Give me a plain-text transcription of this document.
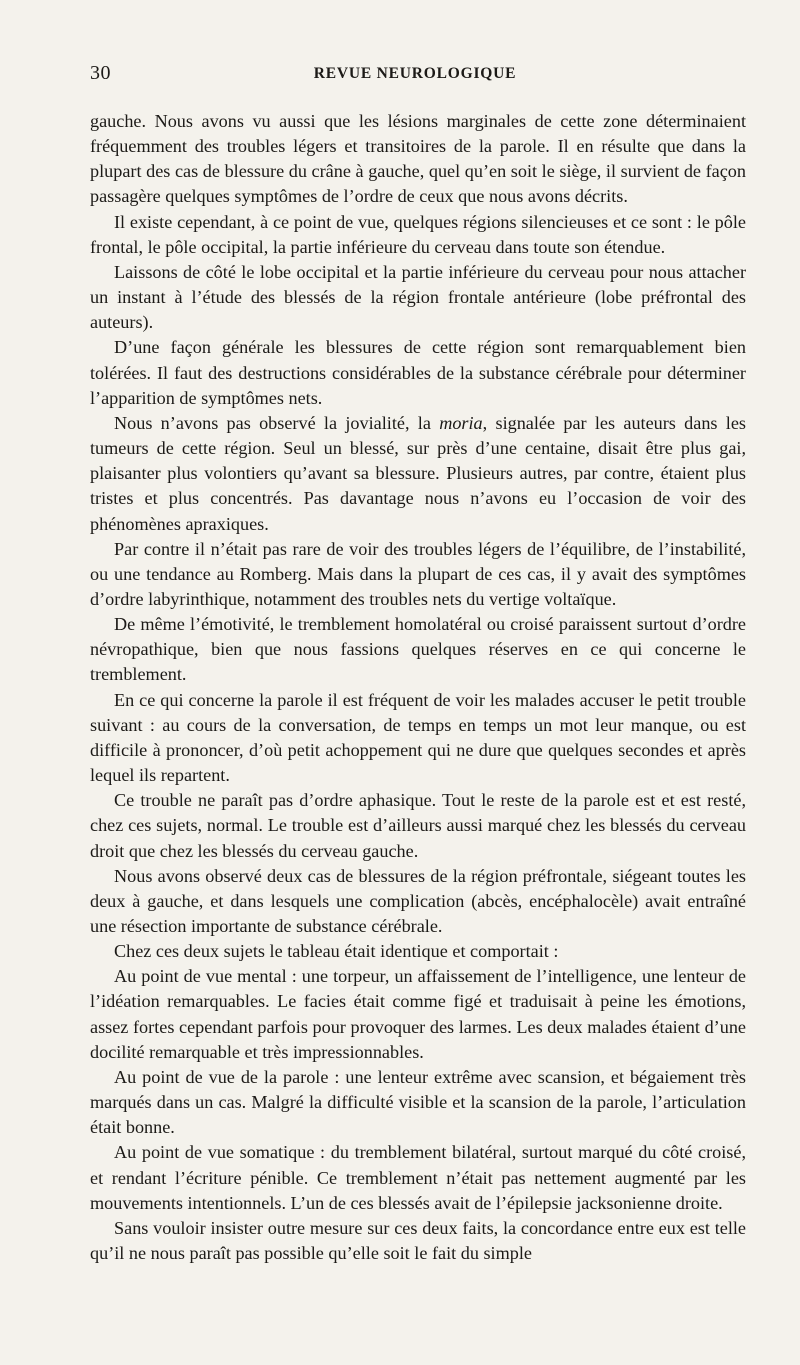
30	REVUE NEUROLOGIQUE

gauche. Nous avons vu aussi que les lésions marginales de cette zone déterminaient fréquemment des troubles légers et transitoires de la parole. Il en résulte que dans la plupart des cas de blessure du crâne à gauche, quel qu’en soit le siège, il survient de façon passagère quelques symptômes de l’ordre de ceux que nous avons décrits.

Il existe cependant, à ce point de vue, quelques régions silencieuses et ce sont : le pôle frontal, le pôle occipital, la partie inférieure du cerveau dans toute son étendue.

Laissons de côté le lobe occipital et la partie inférieure du cerveau pour nous attacher un instant à l’étude des blessés de la région frontale antérieure (lobe préfrontal des auteurs).

D’une façon générale les blessures de cette région sont remarquablement bien tolérées. Il faut des destructions considérables de la substance cérébrale pour déterminer l’apparition de symptômes nets.

Nous n’avons pas observé la jovialité, la moria, signalée par les auteurs dans les tumeurs de cette région. Seul un blessé, sur près d’une centaine, disait être plus gai, plaisanter plus volontiers qu’avant sa blessure. Plusieurs autres, par contre, étaient plus tristes et plus concentrés. Pas davantage nous n’avons eu l’occasion de voir des phénomènes apraxiques.

Par contre il n’était pas rare de voir des troubles légers de l’équilibre, de l’instabilité, ou une tendance au Romberg. Mais dans la plupart de ces cas, il y avait des symptômes d’ordre labyrinthique, notamment des troubles nets du vertige voltaïque.

De même l’émotivité, le tremblement homolatéral ou croisé paraissent surtout d’ordre névropathique, bien que nous fassions quelques réserves en ce qui concerne le tremblement.

En ce qui concerne la parole il est fréquent de voir les malades accuser le petit trouble suivant : au cours de la conversation, de temps en temps un mot leur manque, ou est difficile à prononcer, d’où petit achoppement qui ne dure que quelques secondes et après lequel ils repartent.

Ce trouble ne paraît pas d’ordre aphasique. Tout le reste de la parole est et est resté, chez ces sujets, normal. Le trouble est d’ailleurs aussi marqué chez les blessés du cerveau droit que chez les blessés du cerveau gauche.

Nous avons observé deux cas de blessures de la région préfrontale, siégeant toutes les deux à gauche, et dans lesquels une complication (abcès, encéphalocèle) avait entraîné une résection importante de substance cérébrale.

Chez ces deux sujets le tableau était identique et comportait :

Au point de vue mental : une torpeur, un affaissement de l’intelligence, une lenteur de l’idéation remarquables. Le facies était comme figé et traduisait à peine les émotions, assez fortes cependant parfois pour provoquer des larmes. Les deux malades étaient d’une docilité remarquable et très impressionnables.

Au point de vue de la parole : une lenteur extrême avec scansion, et bégaiement très marqués dans un cas. Malgré la difficulté visible et la scansion de la parole, l’articulation était bonne.

Au point de vue somatique : du tremblement bilatéral, surtout marqué du côté croisé, et rendant l’écriture pénible. Ce tremblement n’était pas nettement augmenté par les mouvements intentionnels. L’un de ces blessés avait de l’épilepsie jacksonienne droite.

Sans vouloir insister outre mesure sur ces deux faits, la concordance entre eux est telle qu’il ne nous paraît pas possible qu’elle soit le fait du simple
